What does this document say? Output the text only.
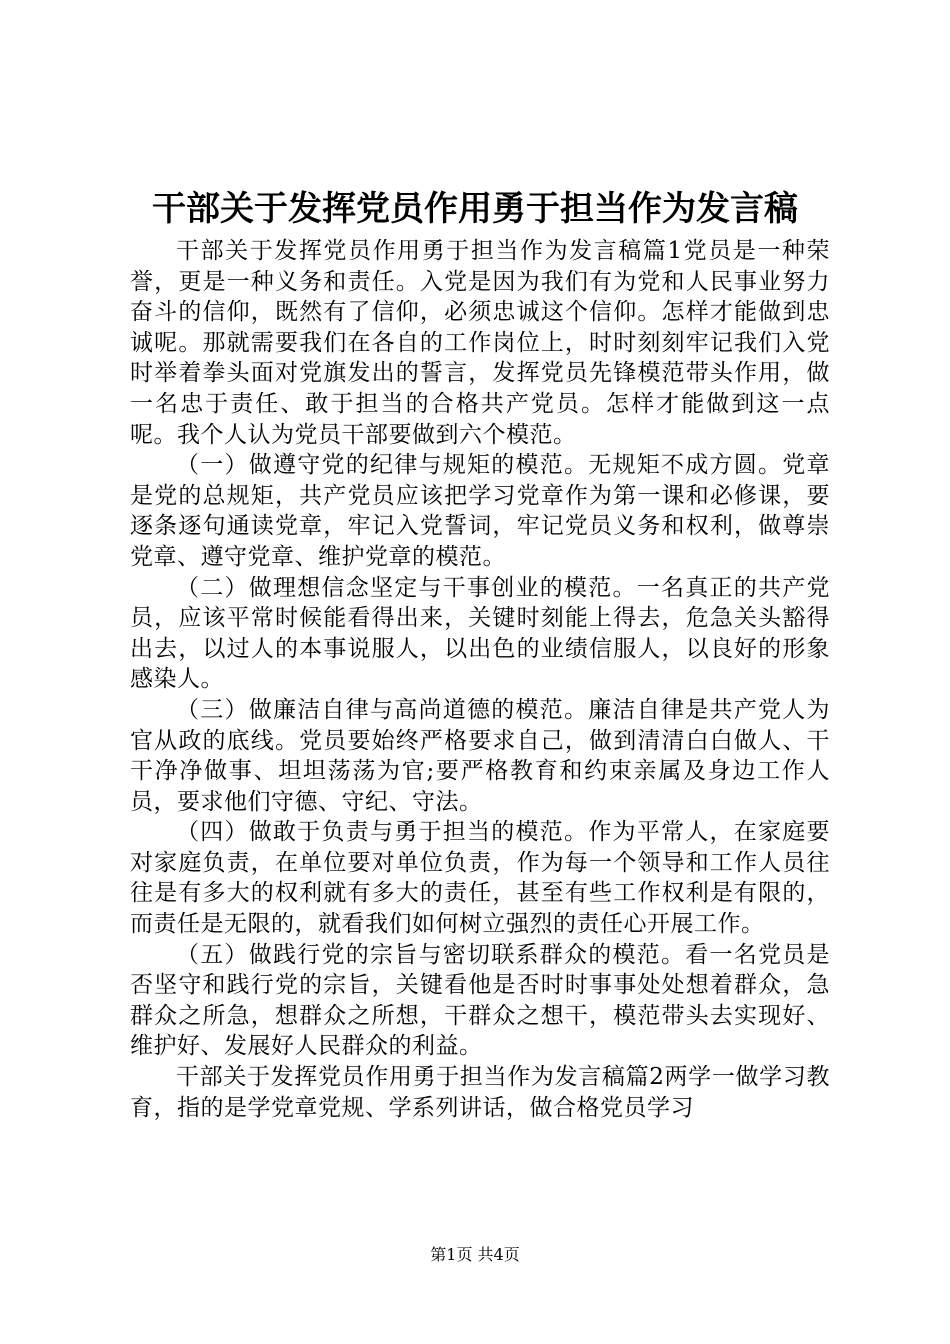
干部关于发挥党员作用勇于担当作为发言稿

干部关于发挥党员作用勇于担当作为发言稿篇1党员是一种荣誉，更是一种义务和责任。入党是因为我们有为党和人民事业努力奋斗的信仰，既然有了信仰，必须忠诚这个信仰。怎样才能做到忠诚呢。那就需要我们在各自的工作岗位上，时时刻刻牢记我们入党时举着拳头面对党旗发出的誓言，发挥党员先锋模范带头作用，做一名忠于责任、敢于担当的合格共产党员。怎样才能做到这一点呢。我个人认为党员干部要做到六个模范。

（一）做遵守党的纪律与规矩的模范。无规矩不成方圆。党章是党的总规矩，共产党员应该把学习党章作为第一课和必修课，要逐条逐句通读党章，牢记入党誓词，牢记党员义务和权利，做尊崇党章、遵守党章、维护党章的模范。

（二）做理想信念坚定与干事创业的模范。一名真正的共产党员，应该平常时候能看得出来，关键时刻能上得去，危急关头豁得出去，以过人的本事说服人，以出色的业绩信服人，以良好的形象感染人。

（三）做廉洁自律与高尚道德的模范。廉洁自律是共产党人为官从政的底线。党员要始终严格要求自己，做到清清白白做人、干干净净做事、坦坦荡荡为官;要严格教育和约束亲属及身边工作人员，要求他们守德、守纪、守法。

（四）做敢于负责与勇于担当的模范。作为平常人，在家庭要对家庭负责，在单位要对单位负责，作为每一个领导和工作人员往往是有多大的权利就有多大的责任，甚至有些工作权利是有限的，而责任是无限的，就看我们如何树立强烈的责任心开展工作。

（五）做践行党的宗旨与密切联系群众的模范。看一名党员是否坚守和践行党的宗旨，关键看他是否时时事事处处想着群众，急群众之所急，想群众之所想，干群众之想干，模范带头去实现好、维护好、发展好人民群众的利益。

干部关于发挥党员作用勇于担当作为发言稿篇2两学一做学习教育，指的是学党章党规、学系列讲话，做合格党员学习

第1页 共4页
